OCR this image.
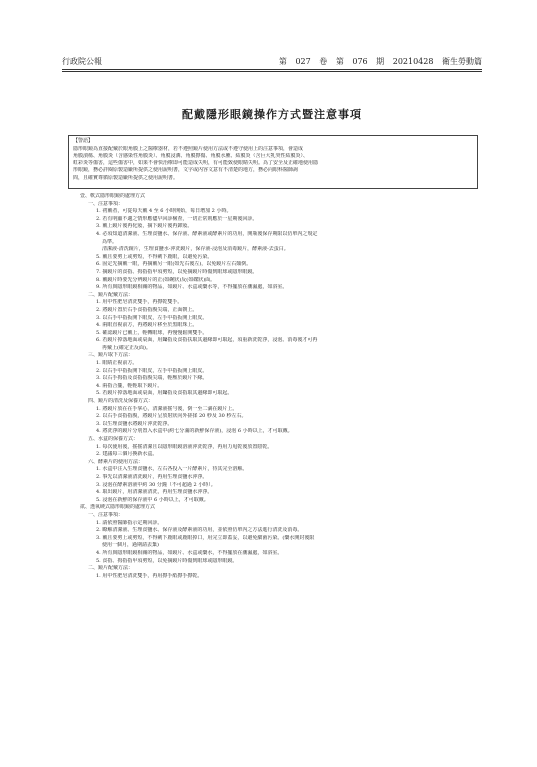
行政院公報	第 027 卷 第 076 期 20210428 衛生勞動篇
配戴隱形眼鏡操作方式暨注意事項
【警語】
隱形眼鏡為直接配戴於眼角膜上之醫療器材，若不遵照鏡片使用方法或不遵守使用上的注意事項，會造成
角膜潰瘍、角膜炎（含感染性角膜炎）、角膜浸潤、角膜擦傷、角膜水腫、結膜炎（含巨大乳突性結膜炎）、
虹彩炎等傷害，這些傷害中，如果不會快治療即可能造成失明，有可能致使眼睛失明。為了安全及正確地使用隱
形眼鏡，務必詳閱原製造廠所提供之使用說明書，文字或內容文意有不清楚的地方，務必向眼科醫師詢
問，且確實尊循原製造廠所提供之使用說明書。
壹、軟式隱形眼鏡的處理方式
一、注意事項：
1. 初戴者，可從每天戴 4 至 6 小時開始，每日增加 2 小時。
2. 若有明顯不適之情形應儘早回診檢查，一切正常則應於一星期後回診。
3. 戴上鏡片後再化妝，摘下鏡片後再卸妝。
4. 必須知道清潔液、生理食鹽水、保存液、酵素液或酵素片的功用，開瓶後保存期限以仿單內之規定
為準。
清潔液-清洗鏡片，生理食鹽水-沖洗鏡片，保存液-浸泡及消毒鏡片，酵素液-去蛋白。
5. 戴且要剪上或剪短，不得刺下鹿眼，以避免污染。
6. 固定先摘戴一眼，再摘戴另一眼(如先右後左)，以免鏡片左右顛倒。
7. 摘鏡片的食指、拇指指甲須剪短，以免摘鏡片時傷到眼球或隱形眼鏡。
8. 戴鏡片時要先分辨鏡片的正(如碗狀)反(如碟狀)面。
9. 所有與隱形眼鏡相關的物品，如鏡片、水盒或藥水等，不得擺放在潮濕處，如浴室。
二、鏡片配戴方法：
1. 用中性肥皂清洗雙手，再擦乾雙手。
2. 將鏡片置於右手食指指腹尖端，正面朝上。
3. 以右手中指扳開下眼皮，左手中指扳開上眼皮。
4. 兩眼直視前方，再將鏡片移至於黑眼珠上。
5. 確認鏡片已戴上，輕轉眼球，再慢慢鬆開雙手。
6. 若鏡片掉落地面或桌面，用鑷指及食指扶取其邊緣即可取起，須重新洗乾淨，浸泡、消毒後才可再
再戴上(確定正反面)。
三、鏡片取下方法：
1. 眼睛正視前方。
2. 以右手中指扳開下眼皮，左手中指扳開上眼皮。
3. 以右手拇指及食指指腹尖端，輕壓於鏡片下緣。
4. 兩指合攏，輕輕取下鏡片。
5. 若鏡片掉落地面或桌面，用鑷指及食指取其邊緣即可取起。
四、鏡片的清洗及保養方式：
1. 將鏡片放在在手掌心，清潔液搖勻後，倒一至二滴在鏡片上。
2. 以右手食指指腹，將鏡片呈放射狀向外搓揉 20 秒及 30 秒左右。
3. 以生理食鹽水將鏡片沖洗乾淨。
4. 將洗淨的鏡片分別置入水盒中(約七分滿的新鮮保存液)，浸泡 6 小時以上，才可取戴。
五、水盒的保養方式：
1. 每次使用後，搖搖清潔且以隱形眼鏡溶液沖洗乾淨，再用力甩乾後放置陰乾。
2. 建議每三個月換新水盒。
六、酵素片的使用方法：
1. 水盒中注入生理食鹽水，左右各投入一片酵素片，待其完全溶解。
2. 事先以清潔液清洗鏡片，再用生理食鹽水沖淨。
3. 浸泡在酵素溶液中約 30 分鐘（不可超過 2 小時）。
4. 取出鏡片，用清潔液清洗，再用生理食鹽水沖淨。
5. 浸泡在新鮮的保存液中 6 小時以上，才可取戴。
貳、透氧硬式隱形眼鏡的處理方式
一、注意事項：
1. 請依照醫師指示定期回診。
2. 瞭解清潔液、生理食鹽水、保存液及酵素液的功用，並依照仿單內之方法進行清洗及消毒。
3. 戴且要剪上或剪短，不得刺下鹿眼或鹿眼掉口，用完立即蓋妥，以避免細菌污染。(藥水開封後限
使用一個月，過期請丟棄)
4. 所有與隱形眼鏡相關的物品，如鏡片、水盒或藥水，不得擺放在潮濕處，如浴室。
5. 食指、拇指指甲須剪短，以免摘鏡片時傷到眼球或隱形眼鏡。
二、鏡片配戴方法：
1. 用中性肥皂清洗雙手，再用擦手紙擦手擦乾。
